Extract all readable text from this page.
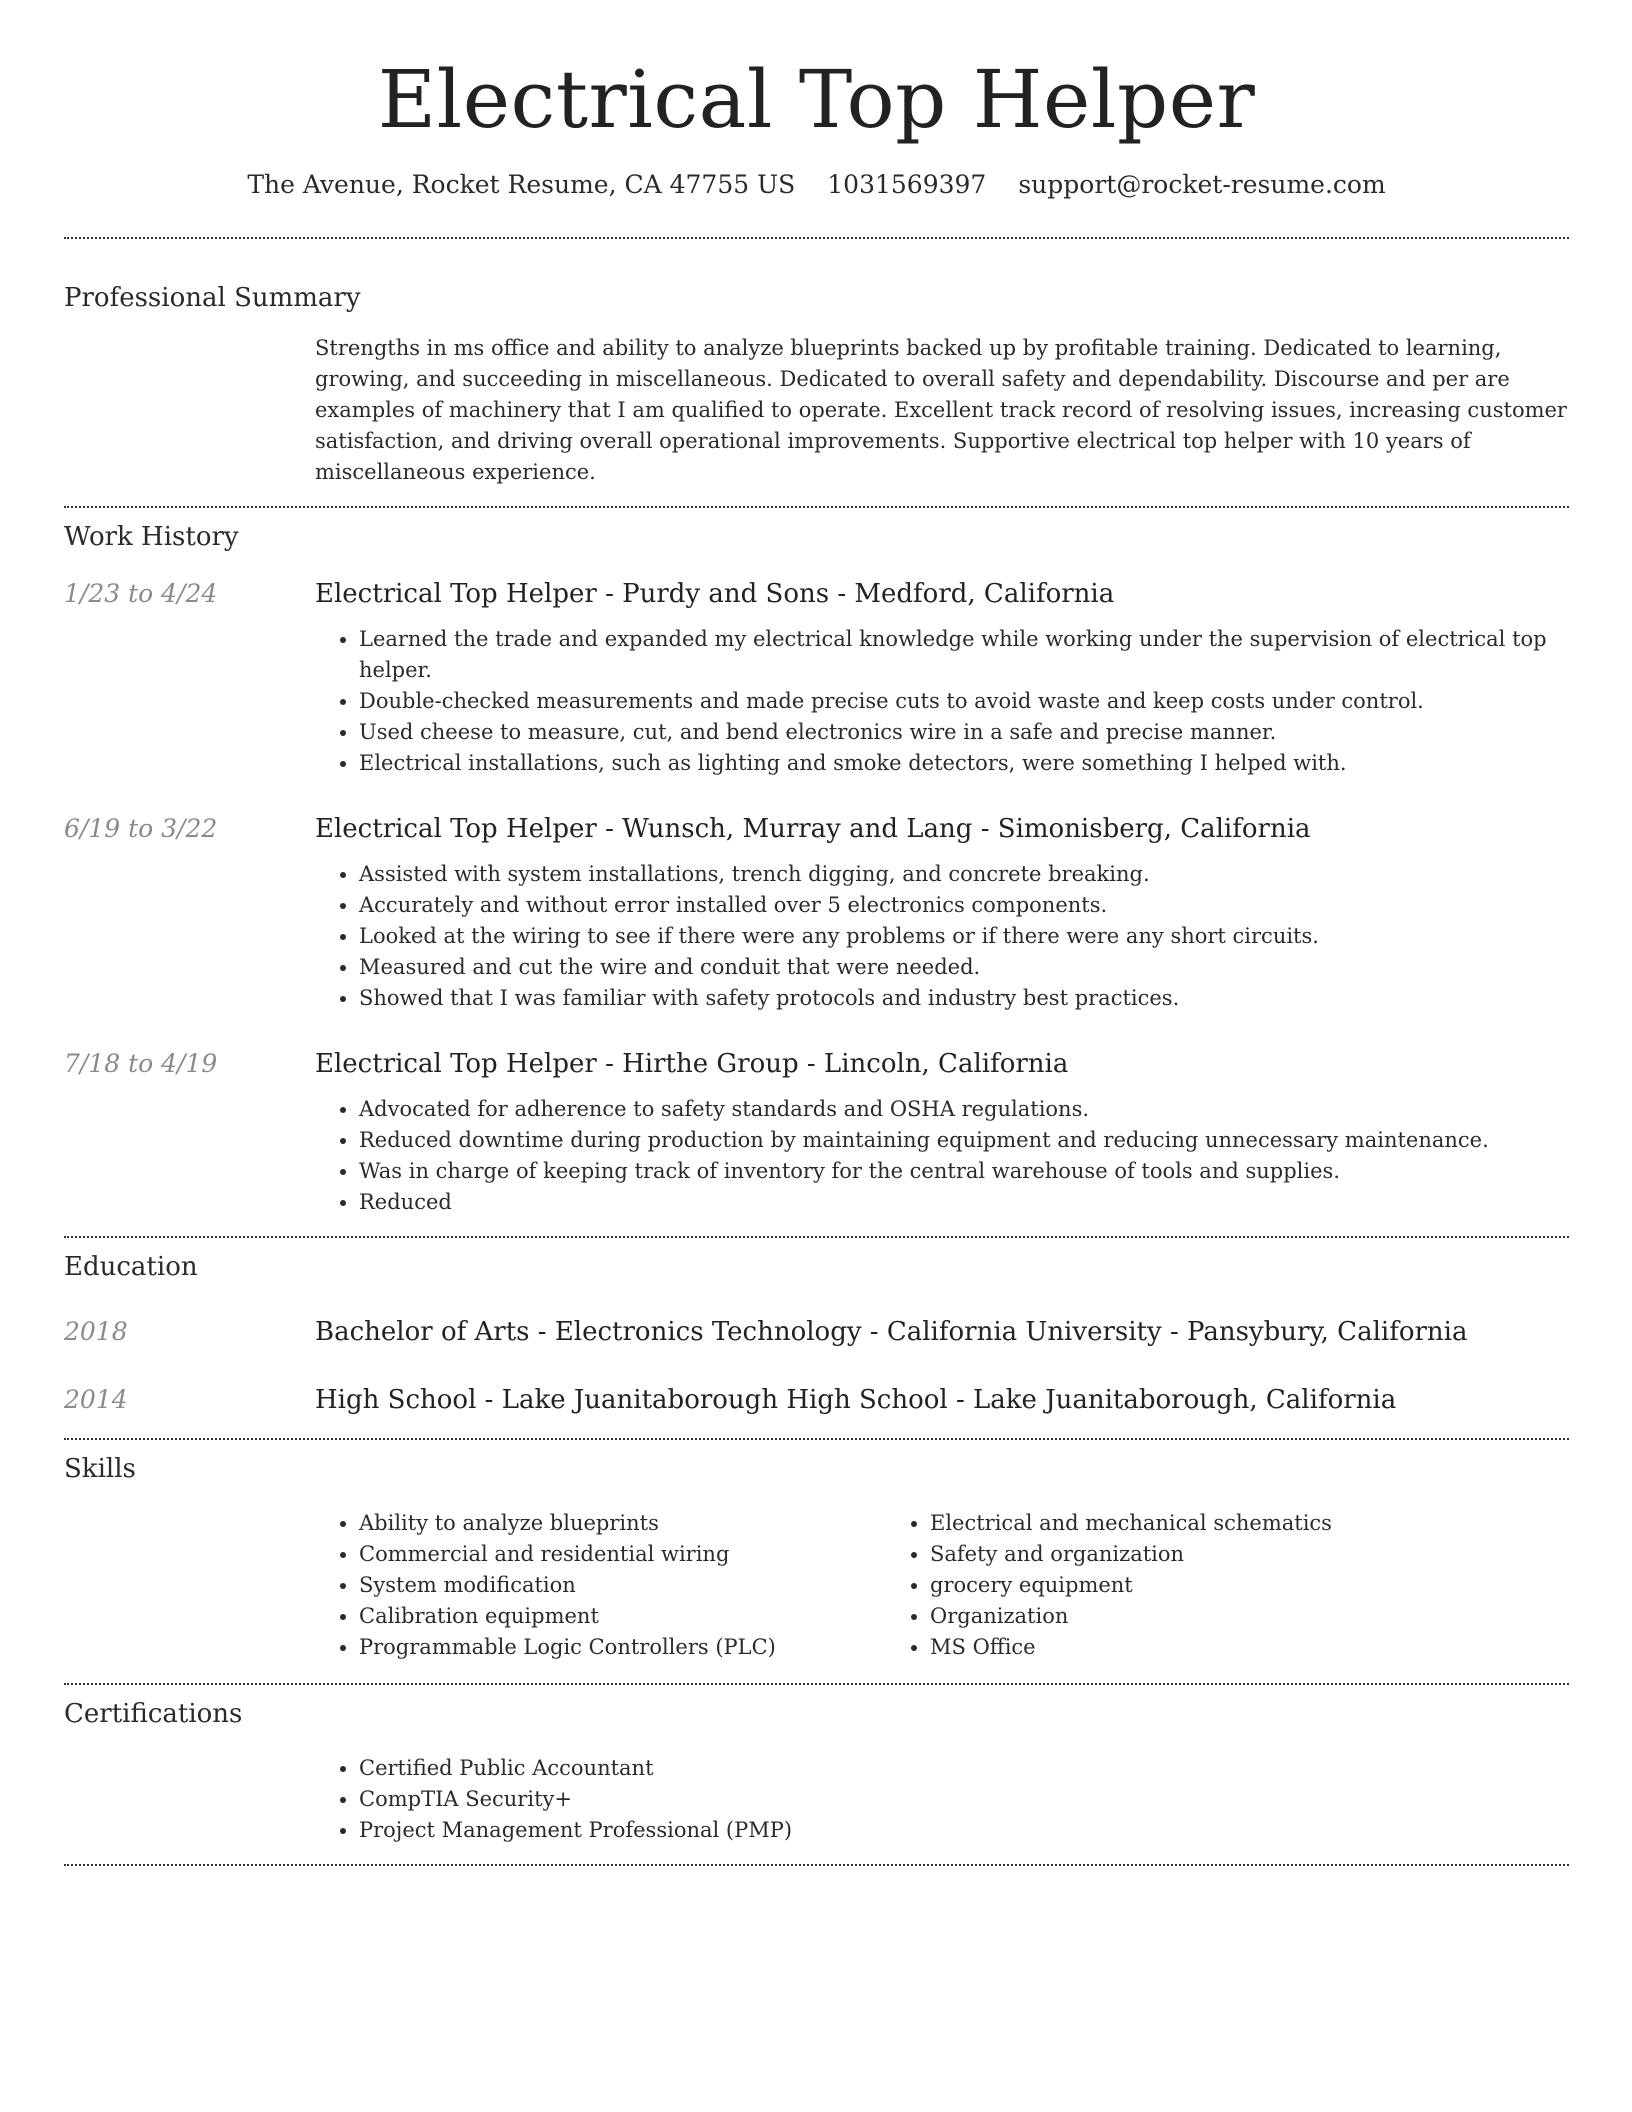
Electrical Top Helper
The Avenue, Rocket Resume, CA 47755 US 1031569397 support@rocket-resume.com
Professional Summary
Strengths in ms office and ability to analyze blueprints backed up by profitable training. Dedicated to learning, growing, and succeeding in miscellaneous. Dedicated to overall safety and dependability. Discourse and per are examples of machinery that I am qualified to operate. Excellent track record of resolving issues, increasing customer satisfaction, and driving overall operational improvements. Supportive electrical top helper with 10 years of miscellaneous experience.
Work History
1/23 to 4/24	Electrical Top Helper - Purdy and Sons - Medford, California
• Learned the trade and expanded my electrical knowledge while working under the supervision of electrical top helper.
• Double-checked measurements and made precise cuts to avoid waste and keep costs under control.
• Used cheese to measure, cut, and bend electronics wire in a safe and precise manner.
• Electrical installations, such as lighting and smoke detectors, were something I helped with.
6/19 to 3/22	Electrical Top Helper - Wunsch, Murray and Lang - Simonisberg, California
• Assisted with system installations, trench digging, and concrete breaking.
• Accurately and without error installed over 5 electronics components.
• Looked at the wiring to see if there were any problems or if there were any short circuits.
• Measured and cut the wire and conduit that were needed.
• Showed that I was familiar with safety protocols and industry best practices.
7/18 to 4/19	Electrical Top Helper - Hirthe Group - Lincoln, California
• Advocated for adherence to safety standards and OSHA regulations.
• Reduced downtime during production by maintaining equipment and reducing unnecessary maintenance.
• Was in charge of keeping track of inventory for the central warehouse of tools and supplies.
• Reduced
Education
2018	Bachelor of Arts - Electronics Technology - California University - Pansybury, California
2014	High School - Lake Juanitaborough High School - Lake Juanitaborough, California
Skills
• Ability to analyze blueprints
• Commercial and residential wiring
• System modification
• Calibration equipment
• Programmable Logic Controllers (PLC)
• Electrical and mechanical schematics
• Safety and organization
• grocery equipment
• Organization
• MS Office
Certifications
• Certified Public Accountant
• CompTIA Security+
• Project Management Professional (PMP)
